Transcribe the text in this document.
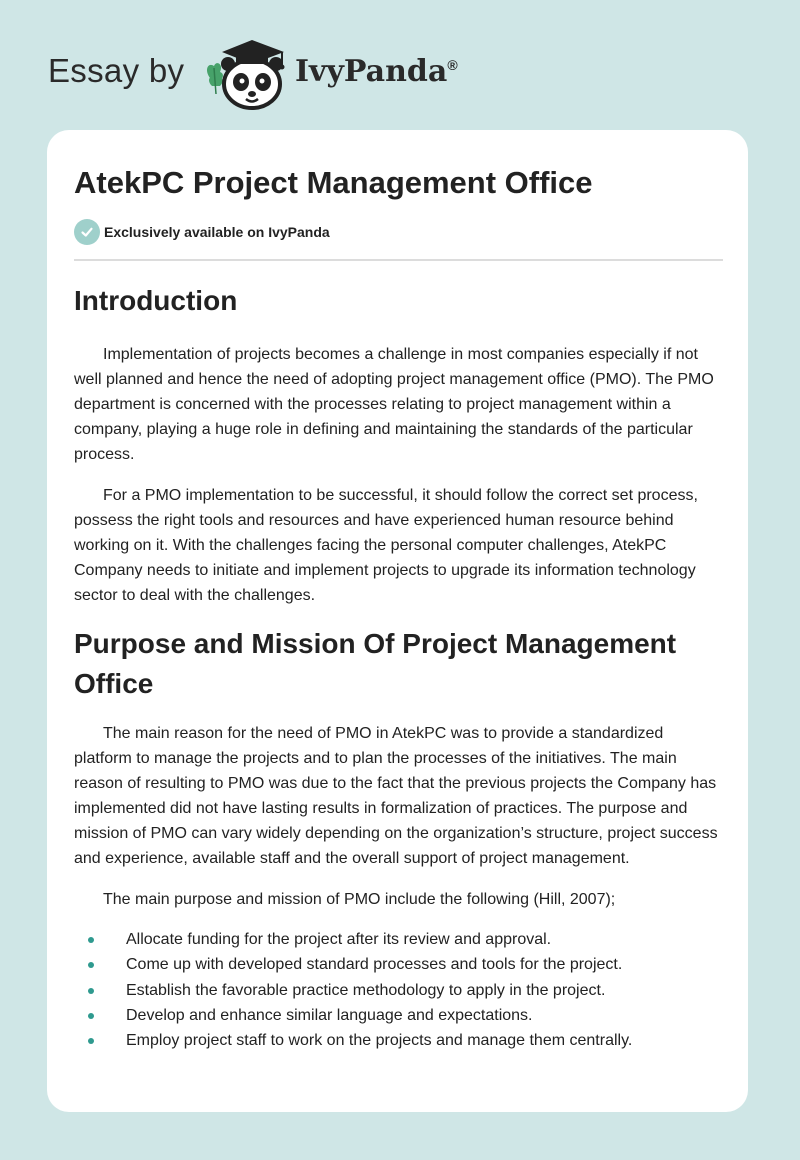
Essay by	IvyPanda®
AtekPC Project Management Office
Exclusively available on IvyPanda
Introduction

Implementation of projects becomes a challenge in most companies especially if not well planned and hence the need of adopting project management office (PMO). The PMO department is concerned with the processes relating to project management within a company, playing a huge role in defining and maintaining the standards of the particular process.

For a PMO implementation to be successful, it should follow the correct set process, possess the right tools and resources and have experienced human resource behind working on it. With the challenges facing the personal computer challenges, AtekPC Company needs to initiate and implement projects to upgrade its information technology sector to deal with the challenges.

Purpose and Mission Of Project Management Office

The main reason for the need of PMO in AtekPC was to provide a standardized platform to manage the projects and to plan the processes of the initiatives. The main reason of resulting to PMO was due to the fact that the previous projects the Company has implemented did not have lasting results in formalization of practices. The purpose and mission of PMO can vary widely depending on the organization’s structure, project success and experience, available staff and the overall support of project management.

The main purpose and mission of PMO include the following (Hill, 2007);

Allocate funding for the project after its review and approval.
Come up with developed standard processes and tools for the project.
Establish the favorable practice methodology to apply in the project.
Develop and enhance similar language and expectations.
Employ project staff to work on the projects and manage them centrally.
